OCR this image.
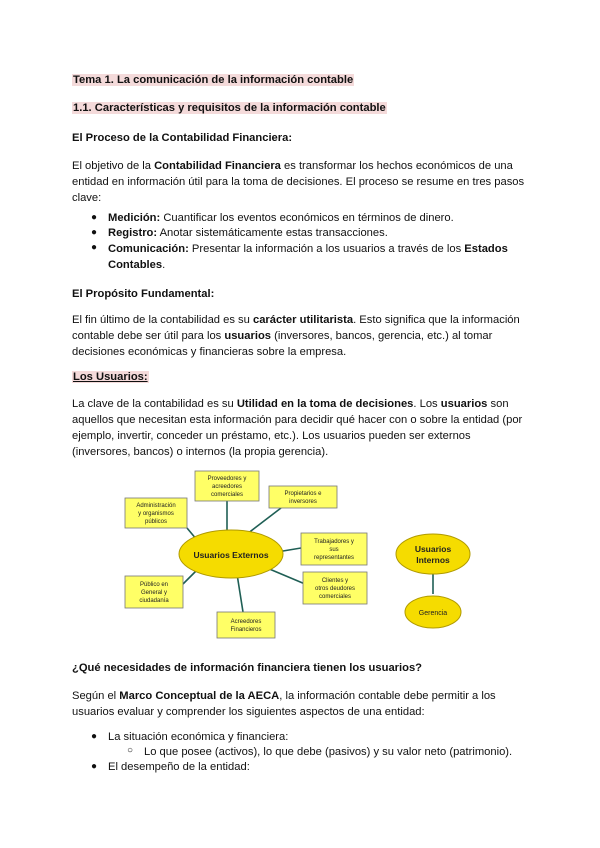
Tema 1. La comunicación de la información contable
1.1. Características y requisitos de la información contable
El Proceso de la Contabilidad Financiera:
El objetivo de la Contabilidad Financiera es transformar los hechos económicos de una entidad en información útil para la toma de decisiones. El proceso se resume en tres pasos clave:
● Medición: Cuantificar los eventos económicos en términos de dinero.
● Registro: Anotar sistemáticamente estas transacciones.
● Comunicación: Presentar la información a los usuarios a través de los Estados Contables.
El Propósito Fundamental:
El fin último de la contabilidad es su carácter utilitarista. Esto significa que la información contable debe ser útil para los usuarios (inversores, bancos, gerencia, etc.) al tomar decisiones económicas y financieras sobre la empresa.
Los Usuarios:
La clave de la contabilidad es su Utilidad en la toma de decisiones. Los usuarios son aquellos que necesitan esta información para decidir qué hacer con o sobre la entidad (por ejemplo, invertir, conceder un préstamo, etc.). Los usuarios pueden ser externos (inversores, bancos) o internos (la propia gerencia).
Usuarios Externos
Usuarios
Internos
Gerencia
Proveedores y
acreedores
comerciales	Propietarios e
inversores
Administración
y organismos
públicos
Trabajadores y
sus
representantes
Clientes y
otros deudores
comerciales
Público en
General y
ciudadanía
Acreedores
Financieros
¿Qué necesidades de información financiera tienen los usuarios?
Según el Marco Conceptual de la AECA, la información contable debe permitir a los usuarios evaluar y comprender los siguientes aspectos de una entidad:
● La situación económica y financiera:
○ Lo que posee (activos), lo que debe (pasivos) y su valor neto (patrimonio).
● El desempeño de la entidad:
